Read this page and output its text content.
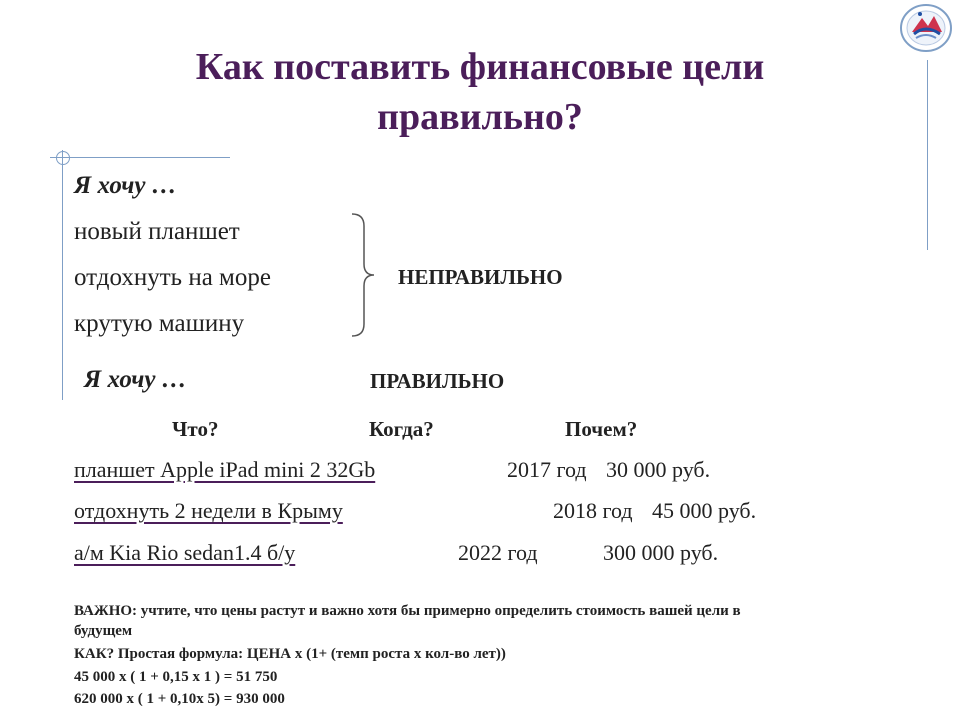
Как поставить финансовые цели
правильно?
Я хочу …
новый планшет
отдохнуть на море
крутую машину
НЕПРАВИЛЬНО
Я хочу …	ПРАВИЛЬНО
Что?	Когда?	Почем?
планшет Apple iPad mini 2 32Gb	2017 год 30 000 руб.
отдохнуть 2 недели в Крыму	2018 год 45 000 руб.
а/м Kia Rio sedan1.4 б/у	2022 год	300 000 руб.
ВАЖНО: учтите, что цены растут и важно хотя бы примерно определить стоимость вашей цели в
будущем
КАК? Простая формула: ЦЕНА х (1+ (темп роста х кол-во лет))
45 000 х ( 1 + 0,15 х 1 ) = 51 750
620 000 х ( 1 + 0,10х 5) = 930 000
